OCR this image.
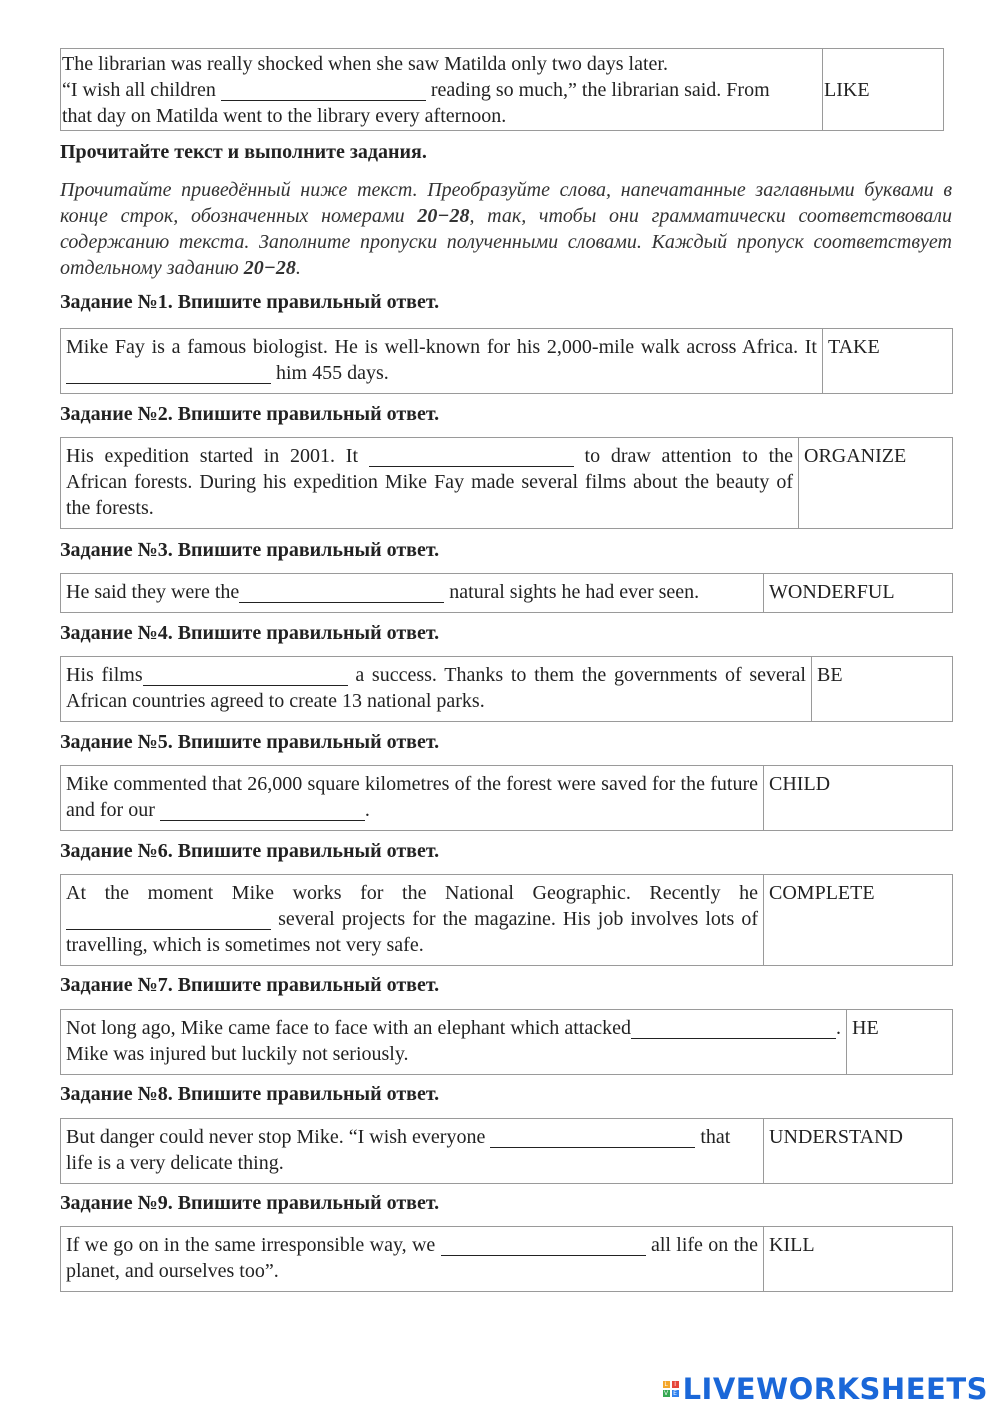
The librarian was really shocked when she saw Matilda only two days later.
“I wish all children	reading so much,” the librarian said. From
that day on Matilda went to the library every afternoon.
LIKE
Прочитайте текст и выполните задания.
Прочитайте приведённый ниже текст. Преобразуйте слова, напечатанные заглавными буквами в конце строк, обозначенных номерами 20−28, так, чтобы они грамматически соответствовали содержанию текста. Заполните пропуски полученными словами. Каждый пропуск соответствует отдельному заданию 20−28.
Задание №1. Впишите правильный ответ.
Mike Fay is a famous biologist. He is well-known for his 2,000-mile walk across Africa. It  him 455 days.
TAKE
Задание №2. Впишите правильный ответ.
His expedition started in 2001. It	to draw attention to the African forests. During his expedition Mike Fay made several films about the beauty of the forests.
ORGANIZE
Задание №3. Впишите правильный ответ.
He said they were the	natural sights he had ever seen.	WONDERFUL
Задание №4. Впишите правильный ответ.
His films	a success. Thanks to them the governments of several African countries agreed to create 13 national parks.
BE
Задание №5. Впишите правильный ответ.
Mike commented that 26,000 square kilometres of the forest were saved for the future and for our	.
CHILD
Задание №6. Впишите правильный ответ.
At the moment Mike works for the National Geographic. Recently he  several projects for the magazine. His job involves lots of travelling, which is sometimes not very safe.
COMPLETE
Задание №7. Впишите правильный ответ.
Not long ago, Mike came face to face with an elephant which attacked	. Mike was injured but luckily not seriously.
HE
Задание №8. Впишите правильный ответ.
But danger could never stop Mike. “I wish everyone	that life is a very delicate thing.
UNDERSTAND
Задание №9. Впишите правильный ответ.
If we go on in the same irresponsible way, we	all life on the planet, and ourselves too”.
KILL
L	I
V E LIVEWORKSHEETS
